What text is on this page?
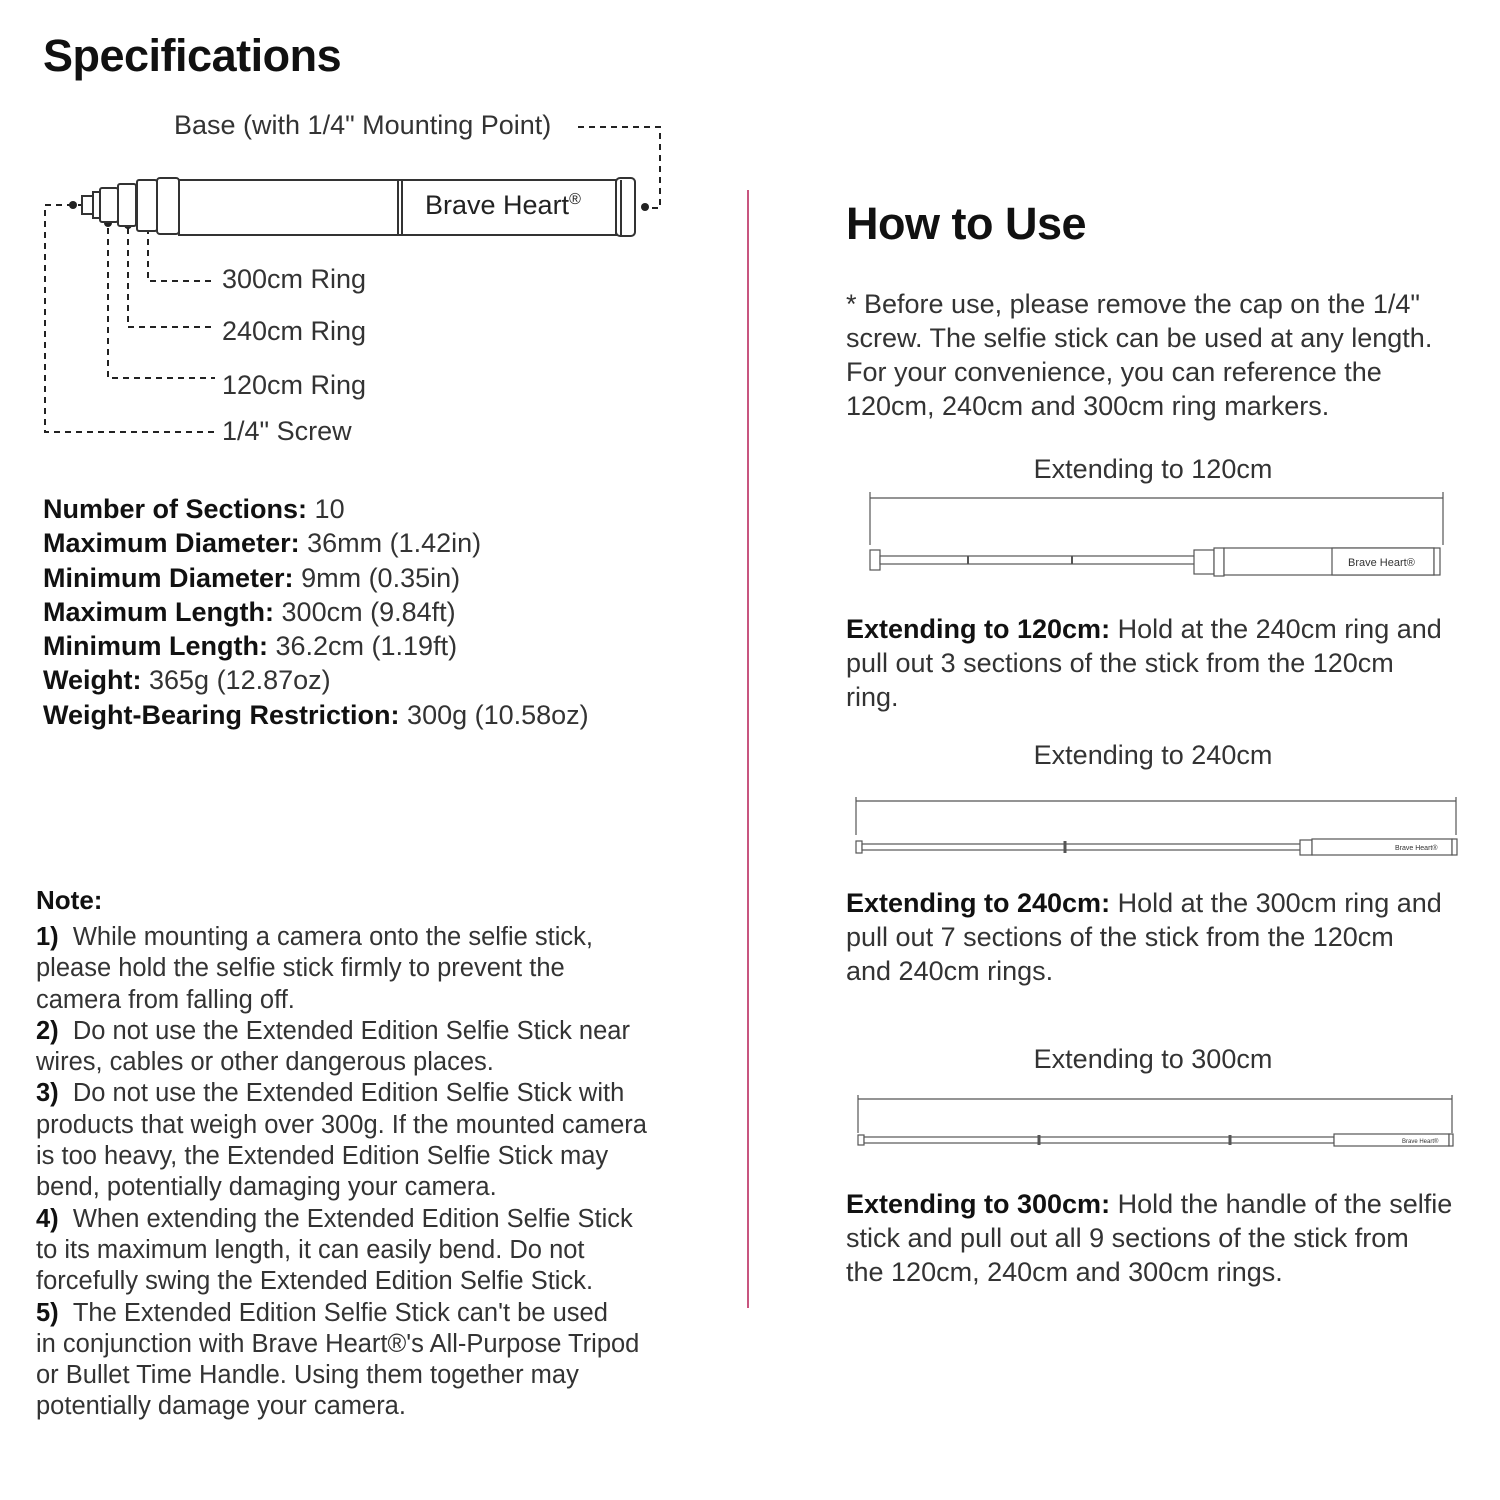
Specifications
Base (with 1/4" Mounting Point)
Brave Heart®
300cm Ring
240cm Ring
120cm Ring
1/4" Screw
Number of Sections: 10
Maximum Diameter: 36mm (1.42in)
Minimum Diameter: 9mm (0.35in)
Maximum Length: 300cm (9.84ft)
Minimum Length: 36.2cm (1.19ft)
Weight: 365g (12.87oz)
Weight-Bearing Restriction: 300g (10.58oz)
Note:
1) While mounting a camera onto the selfie stick,
please hold the selfie stick firmly to prevent the
camera from falling off.
2) Do not use the Extended Edition Selfie Stick near
wires, cables or other dangerous places.
3) Do not use the Extended Edition Selfie Stick with
products that weigh over 300g. If the mounted camera
is too heavy, the Extended Edition Selfie Stick may
bend, potentially damaging your camera.
4) When extending the Extended Edition Selfie Stick
to its maximum length, it can easily bend. Do not
forcefully swing the Extended Edition Selfie Stick.
5) The Extended Edition Selfie Stick can't be used
in conjunction with Brave Heart®'s All-Purpose Tripod
or Bullet Time Handle. Using them together may
potentially damage your camera.
How to Use
* Before use, please remove the cap on the 1/4"
screw. The selfie stick can be used at any length.
For your convenience, you can reference the
120cm, 240cm and 300cm ring markers.
Extending to 120cm
Brave Heart®
Extending to 120cm: Hold at the 240cm ring and
pull out 3 sections of the stick from the 120cm
ring.
Extending to 240cm
Brave Heart®
Extending to 240cm: Hold at the 300cm ring and
pull out 7 sections of the stick from the 120cm
and 240cm rings.
Extending to 300cm
Brave Heart®
Extending to 300cm: Hold the handle of the selfie
stick and pull out all 9 sections of the stick from
the 120cm, 240cm and 300cm rings.
